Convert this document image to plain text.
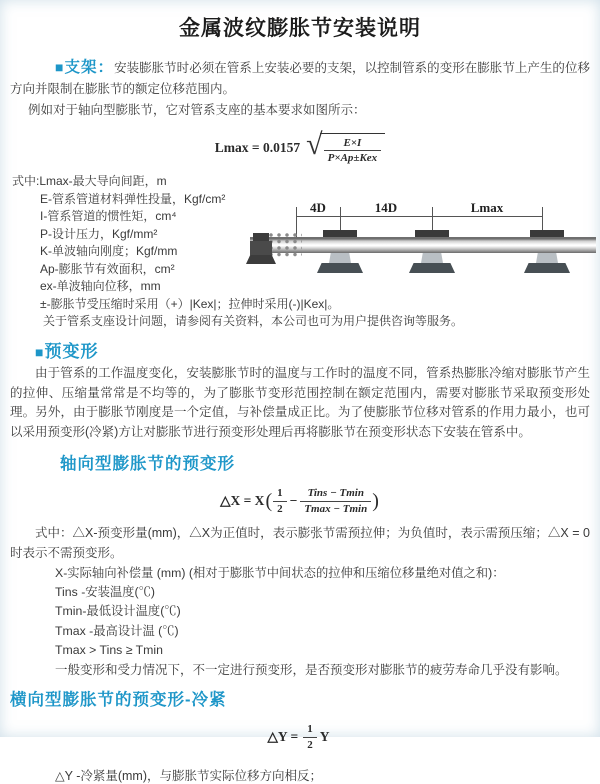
金属波纹膨胀节安装说明

■支架：安装膨胀节时必须在管系上安装必要的支架，以控制管系的变形在膨胀节上产生的位移方向并限制在膨胀节的额定位移范围内。

例如对于轴向型膨胀节，它对管系支座的基本要求如图所示：

Lmax = 0.0157 √ $\frac{E\times I}{\text{P×Ap±Kex}}$
式中:Lmax-最大导向间距，m
E-管系管道材料弹性投量，Kgf/cm²
I-管系管道的惯性矩，cm⁴
P-设计压力，Kgf/mm²
K-单波轴向刚度；Kgf/mm
Ap-膨胀节有效面积，cm²
ex-单波轴向位移，mm
±-膨胀节受压缩时采用（+）|Kex|；拉伸时采用(-)|Kex|。
关于管系支座设计问题，请参阅有关资料，本公司也可为用户提供咨询等服务。
4D	14D	Lmax
■预变形

由于管系的工作温度变化，安装膨胀节时的温度与工作时的温度不同，管系热膨胀冷缩对膨胀节产生的拉伸、压缩量常常是不均等的，为了膨胀节变形范围控制在额定范围内，需要对膨胀节采取预变形处理。另外，由于膨胀节刚度是一个定值，与补偿量成正比。为了使膨胀节位移对管系的作用力最小，也可以采用预变形(冷紧)方让对膨胀节进行预变形处理后再将膨胀节在预变形状态下安装在管系中。

轴向型膨胀节的预变形
△X = X ( $\frac{1}{2} - \frac{\text{Tins − Tmin}}{Tmax - Tmin}$ )

式中：△X-预变形量(mm)，△X为正值时，表示膨张节需预拉伸；为负值时，表示需预压缩；△X = 0时表示不需预变形。

X-实际轴向补偿量 (mm) (相对于膨胀节中间状态的拉伸和压缩位移量绝对值之和)：
Tins -安装温度(℃)
Tmin-最低设计温度(℃)
Tmax -最高设计温 (℃)
Tmax > Tins ≥ Tmin
一般变形和受力情况下，不一定进行预变形，是否预变形对膨胀节的疲劳寿命几乎没有影响。
横向型膨胀节的预变形-冷紧
△Y = $\frac{1}{2}$ Y
△Y -冷紧量(mm)，与膨胀节实际位移方向相反；
